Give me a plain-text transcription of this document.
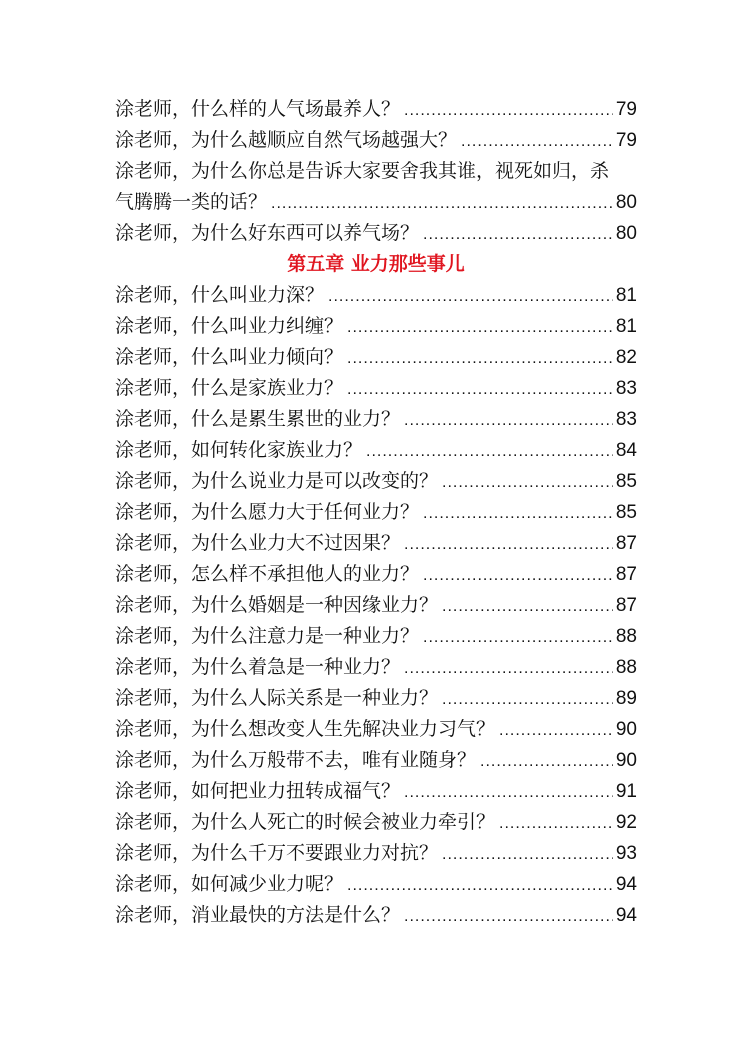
涂老师，什么样的人气场最养人？ .....	79
涂老师，为什么越顺应自然气场越强大？ .....	79
涂老师，为什么你总是告诉大家要舍我其谁，视死如归，杀
气腾腾一类的话？ .....	80
涂老师，为什么好东西可以养气场？ .....	80
第五章 业力那些事儿
涂老师，什么叫业力深？ .....	81
涂老师，什么叫业力纠缠？ .....	81
涂老师，什么叫业力倾向？ .....	82
涂老师，什么是家族业力？ .....	83
涂老师，什么是累生累世的业力？ .....	83
涂老师，如何转化家族业力？ .....	84
涂老师，为什么说业力是可以改变的？ .....	85
涂老师，为什么愿力大于任何业力？ .....	85
涂老师，为什么业力大不过因果？ .....	87
涂老师，怎么样不承担他人的业力？ .....	87
涂老师，为什么婚姻是一种因缘业力？ .....	87
涂老师，为什么注意力是一种业力？ .....	88
涂老师，为什么着急是一种业力？ .....	88
涂老师，为什么人际关系是一种业力？ .....	89
涂老师，为什么想改变人生先解决业力习气？ .....	90
涂老师，为什么万般带不去，唯有业随身？ .....	90
涂老师，如何把业力扭转成福气？ .....	91
涂老师，为什么人死亡的时候会被业力牵引？ .....	92
涂老师，为什么千万不要跟业力对抗？ .....	93
涂老师，如何减少业力呢？ .....	94
涂老师，消业最快的方法是什么？ .....	94
